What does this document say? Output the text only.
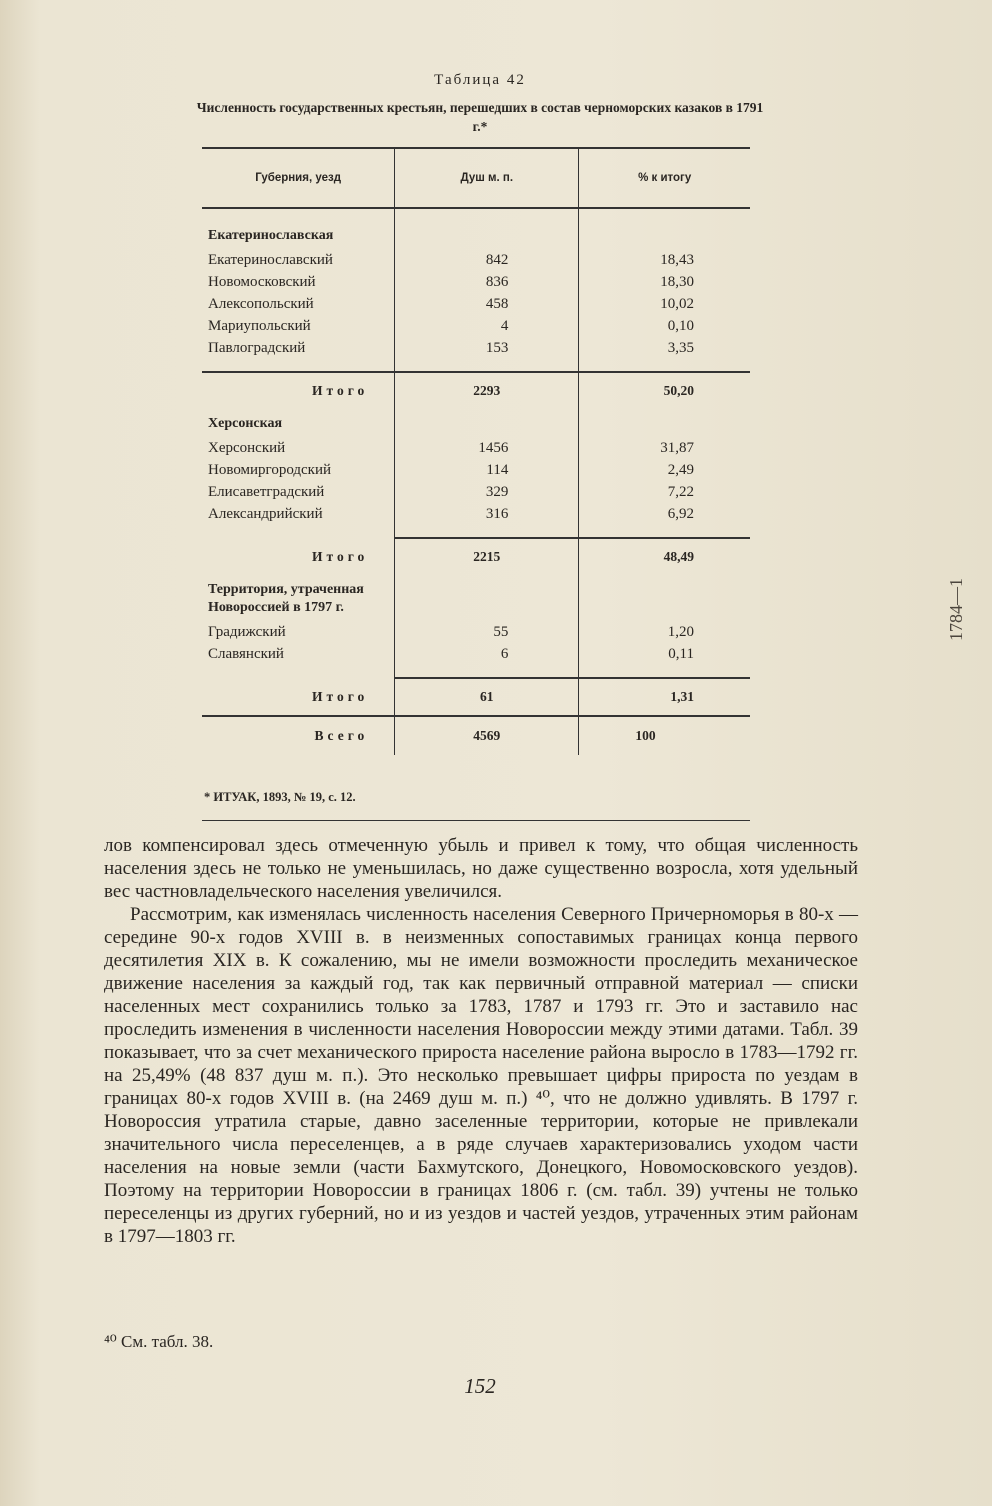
1784—1
Таблица 42
Численность государственных крестьян, перешедших в состав черноморских казаков в 1791 г.*
Губерния, уезд	Душ м. п.	% к итогу

Екатеринославская		
Екатеринославский	842	18,43
Новомосковский	836	18,30
Алексопольский	458	10,02
Мариупольский	4	0,10
Павлоградский	153	3,35

Итого	2293	50,20
Херсонская		
Херсонский	1456	31,87
Новомиргородский	114	2,49
Елисаветградский	329	7,22
Александрийский	316	6,92

Итого	2215	48,49
Территория, утраченная Новороссией в 1797 г.		
Градижский	55	1,20
Славянский	6	0,11

Итого	61	1,31
Всего	4569	100
* ИТУАК, 1893, № 19, с. 12.

лов компенсировал здесь отмеченную убыль и привел к тому, что общая численность населения здесь не только не уменьшилась, но даже существенно возросла, хотя удельный вес частновладельческого населения увеличился.

Рассмотрим, как изменялась численность населения Северного Причерноморья в 80-х — середине 90-х годов XVIII в. в неизменных сопоставимых границах конца первого десятилетия XIX в. К сожалению, мы не имели возможности проследить механическое движение населения за каждый год, так как первичный отправной материал — списки населенных мест сохранились только за 1783, 1787 и 1793 гг. Это и заставило нас проследить изменения в численности населения Новороссии между этими датами. Табл. 39 показывает, что за счет механического прироста население района выросло в 1783—1792 гг. на 25,49% (48 837 душ м. п.). Это несколько превышает цифры прироста по уездам в границах 80-х годов XVIII в. (на 2469 душ м. п.) ⁴⁰, что не должно удивлять. В 1797 г. Новороссия утратила старые, давно заселенные территории, которые не привлекали значительного числа переселенцев, а в ряде случаев характеризовались уходом части населения на новые земли (части Бахмутского, Донецкого, Новомосковского уездов). Поэтому на территории Новороссии в границах 1806 г. (см. табл. 39) учтены не только переселенцы из других губерний, но и из уездов и частей уездов, утраченных этим районам в 1797—1803 гг.

⁴⁰ См. табл. 38.
152
